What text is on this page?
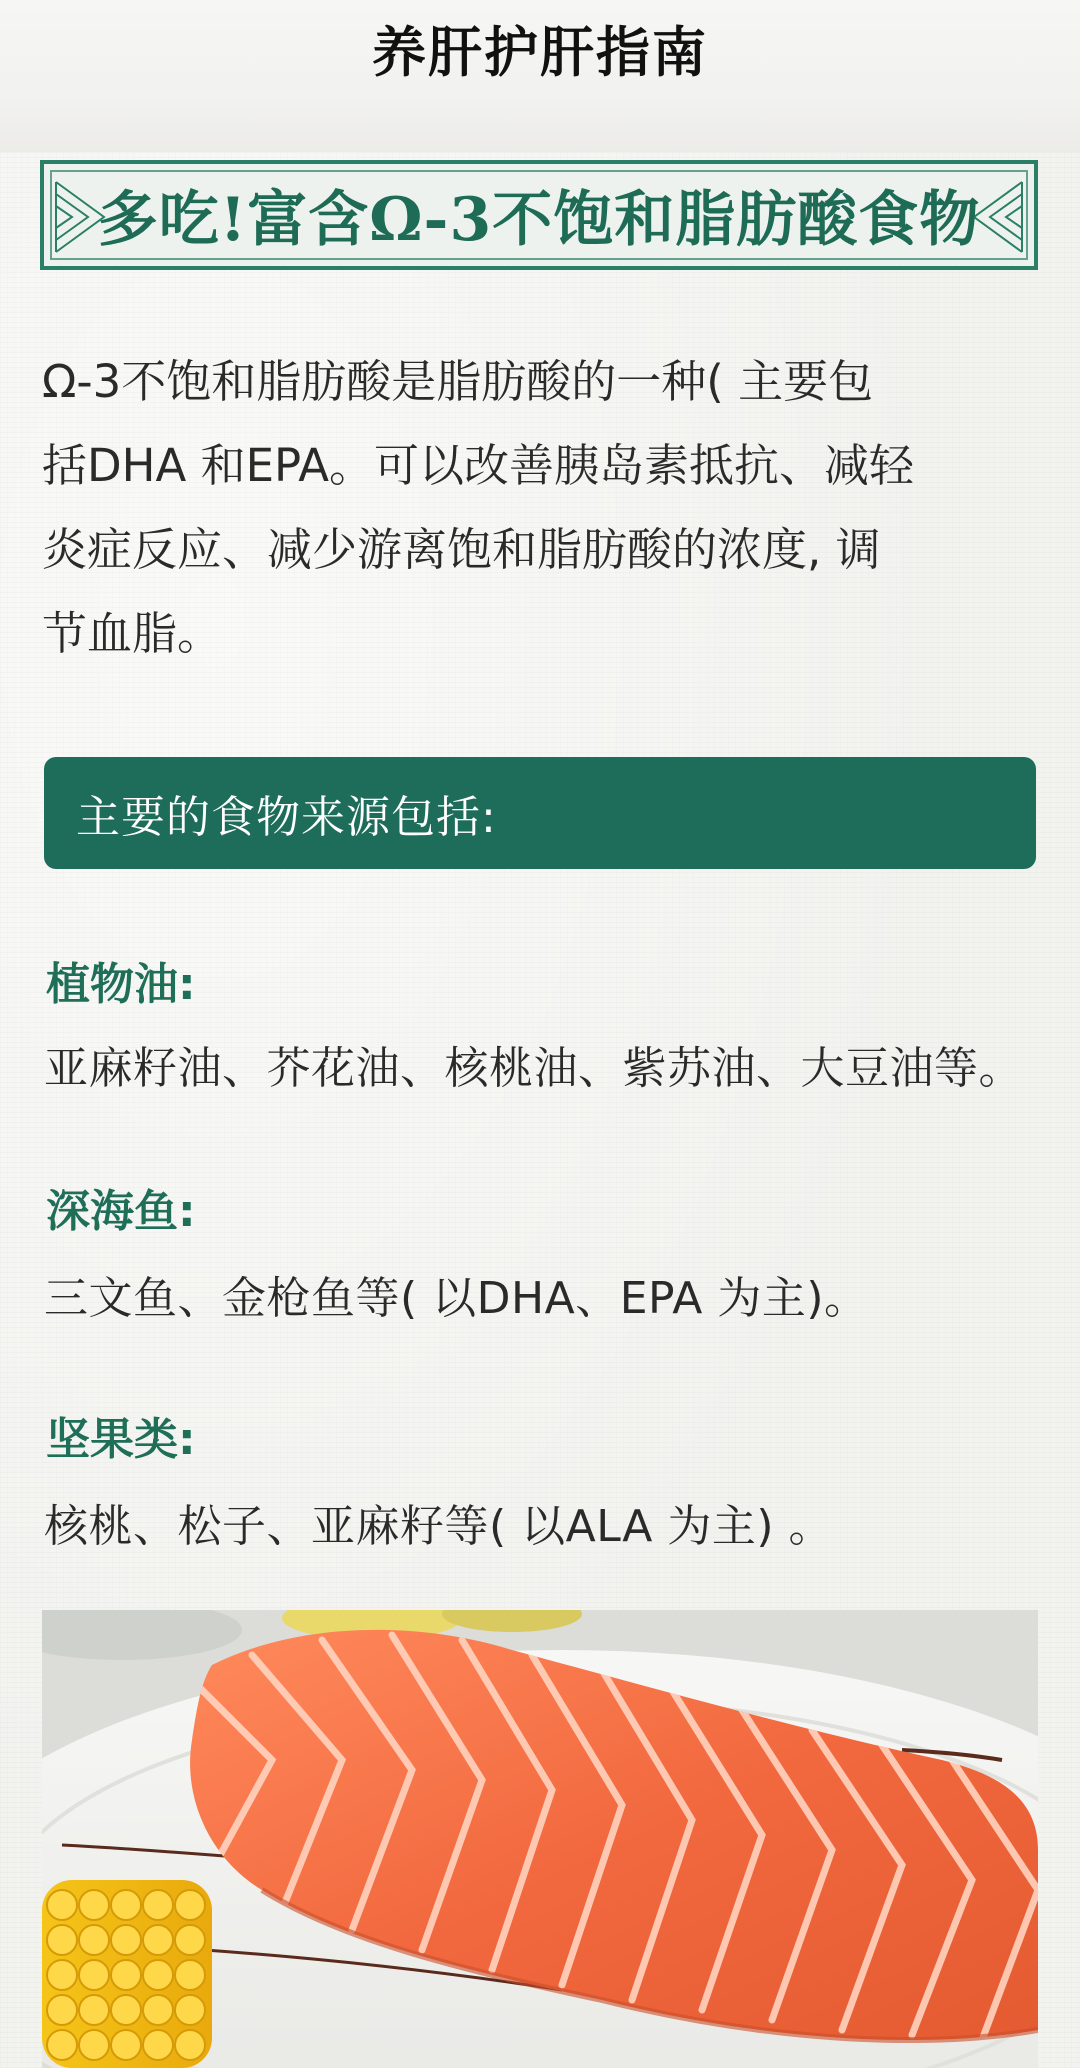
养肝护肝指南
多吃!富含Ω-3不饱和脂肪酸食物
Ω-3不饱和脂肪酸是脂肪酸的一种( 主要包
括DHA 和EPA。可以改善胰岛素抵抗、减轻
炎症反应、减少游离饱和脂肪酸的浓度, 调
节血脂。
主要的食物来源包括:
植物油:
亚麻籽油、芥花油、核桃油、紫苏油、大豆油等。
深海鱼:
三文鱼、金枪鱼等( 以DHA、EPA 为主)。
坚果类:
核桃、松子、亚麻籽等( 以ALA 为主) 。
